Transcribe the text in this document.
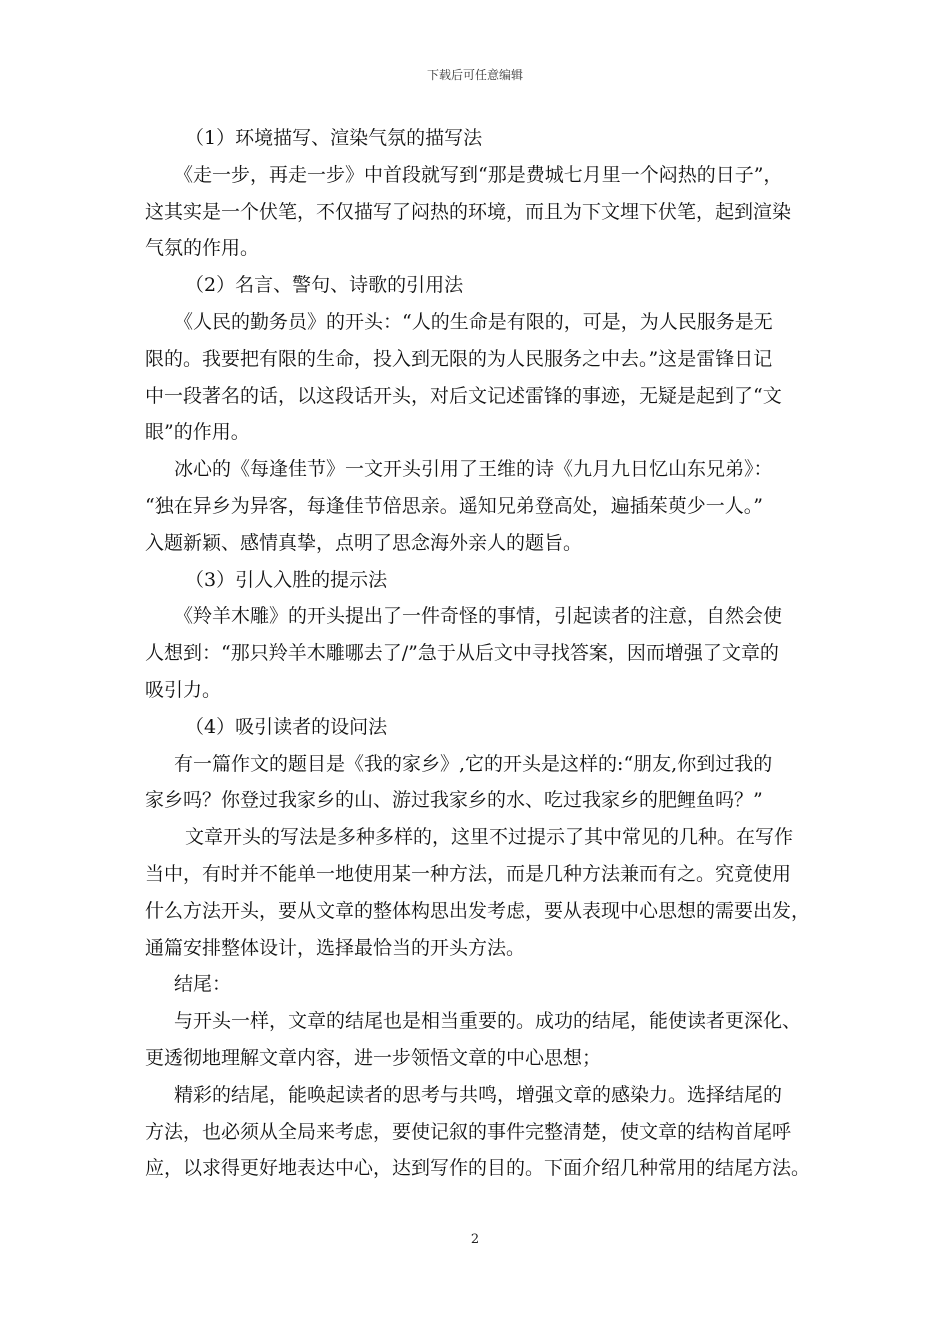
下载后可任意编辑
（1）环境描写、渲染气氛的描写法
《走一步，再走一步》中首段就写到“那是费城七月里一个闷热的日子”，
这其实是一个伏笔，不仅描写了闷热的环境，而且为下文埋下伏笔，起到渲染
气氛的作用。
（2）名言、警句、诗歌的引用法
《人民的勤务员》的开头：“人的生命是有限的，可是，为人民服务是无
限的。我要把有限的生命，投入到无限的为人民服务之中去。”这是雷锋日记
中一段著名的话，以这段话开头，对后文记述雷锋的事迹，无疑是起到了“文
眼”的作用。
冰心的《每逢佳节》一文开头引用了王维的诗《九月九日忆山东兄弟》：
“独在异乡为异客，每逢佳节倍思亲。遥知兄弟登高处，遍插茱萸少一人。”
入题新颖、感情真挚，点明了思念海外亲人的题旨。
（3）引人入胜的提示法
《羚羊木雕》的开头提出了一件奇怪的事情，引起读者的注意，自然会使
人想到：“那只羚羊木雕哪去了/”急于从后文中寻找答案，因而增强了文章的
吸引力。
（4）吸引读者的设问法
有一篇作文的题目是《我的家乡》,它的开头是这样的:“朋友,你到过我的
家乡吗？你登过我家乡的山、游过我家乡的水、吃过我家乡的肥鲤鱼吗？”
文章开头的写法是多种多样的，这里不过提示了其中常见的几种。在写作
当中，有时并不能单一地使用某一种方法，而是几种方法兼而有之。究竟使用
什么方法开头，要从文章的整体构思出发考虑，要从表现中心思想的需要出发，
通篇安排整体设计，选择最恰当的开头方法。
结尾：
与开头一样，文章的结尾也是相当重要的。成功的结尾，能使读者更深化、
更透彻地理解文章内容，进一步领悟文章的中心思想；
精彩的结尾，能唤起读者的思考与共鸣，增强文章的感染力。选择结尾的
方法，也必须从全局来考虑，要使记叙的事件完整清楚，使文章的结构首尾呼
应，以求得更好地表达中心，达到写作的目的。下面介绍几种常用的结尾方法。
2
